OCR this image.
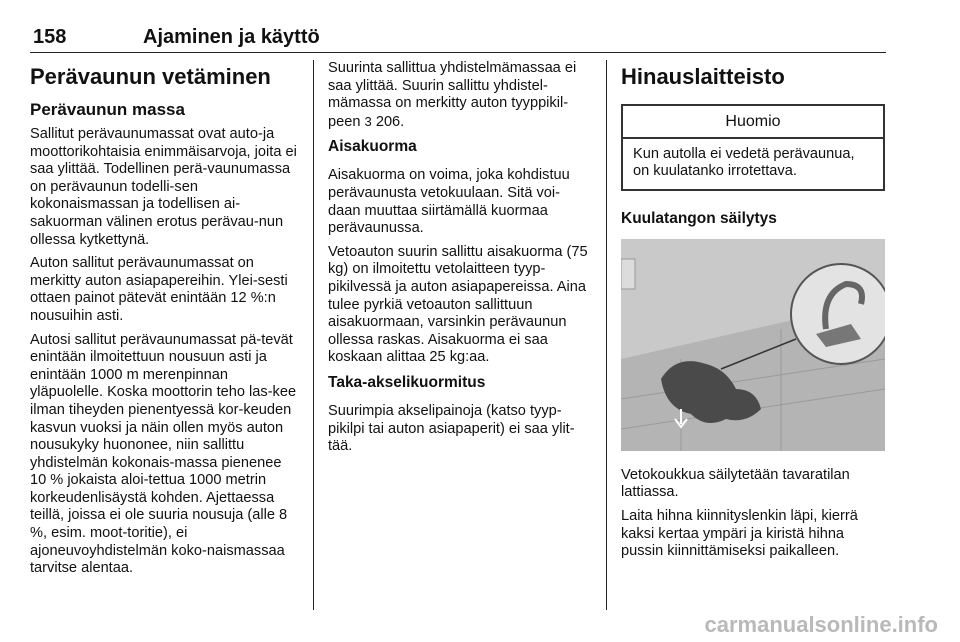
158	Ajaminen ja käyttö
Perävaunun vetäminen
Perävaunun massa

Sallitut perävaunumassat ovat auto-ja moottorikohtaisia enimmäisarvoja, joita ei saa ylittää. Todellinen perä-vaunumassa on perävaunun todelli-sen kokonaismassan ja todellisen ai-sakuorman välinen erotus perävau-nun ollessa kytkettynä.

Auton sallitut perävaunumassat on merkitty auton asiapapereihin. Ylei-sesti ottaen painot pätevät enintään 12 %:n nousuihin asti.

Autosi sallitut perävaunumassat pä-tevät enintään ilmoitettuun nousuun asti ja enintään 1000 m merenpinnan yläpuolelle. Koska moottorin teho las-kee ilman tiheyden pienentyessä kor-keuden kasvun vuoksi ja näin ollen myös auton nousukyky huononee, niin sallittu yhdistelmän kokonais-massa pienenee 10 % jokaista aloi-tettua 1000 metrin korkeudenlisäystä kohden. Ajettaessa teillä, joissa ei ole suuria nousuja (alle 8 %, esim. moot-toritie), ei ajoneuvoyhdistelmän koko-naismassaa tarvitse alentaa.

Suurinta sallittua yhdistelmämassaa ei saa ylittää. Suurin sallittu yhdistel-mämassa on merkitty auton tyyppikil-peen 3 206.

Aisakuorma

Aisakuorma on voima, joka kohdistuu perävaunusta vetokuulaan. Sitä voi-daan muuttaa siirtämällä kuormaa perävaunussa.

Vetoauton suurin sallittu aisakuorma (75 kg) on ilmoitettu vetolaitteen tyyp-pikilvessä ja auton asiapapereissa. Aina tulee pyrkiä vetoauton sallittuun aisakuormaan, varsinkin perävaunun ollessa raskas. Aisakuorma ei saa koskaan alittaa 25 kg:aa.

Taka-akselikuormitus

Suurimpia akselipainoja (katso tyyp-pikilpi tai auton asiapaperit) ei saa ylit-tää.

Hinauslaitteisto
Huomio
Kun autolla ei vedetä perävaunua, on kuulatanko irrotettava.
Kuulatangon säilytys

Vetokoukkua säilytetään tavaratilan lattiassa.

Laita hihna kiinnityslenkin läpi, kierrä kaksi kertaa ympäri ja kiristä hihna pussin kiinnittämiseksi paikalleen.

carmanualsonline.info
